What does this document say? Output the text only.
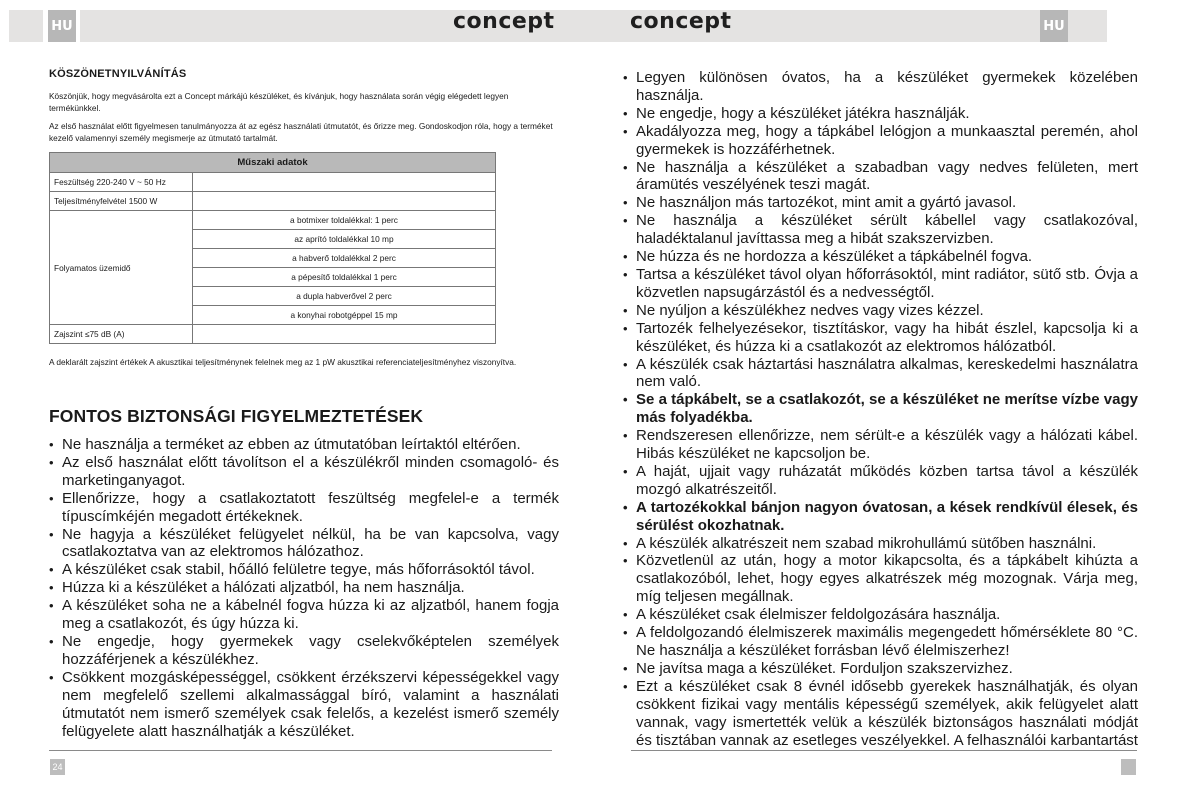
HU	concept
KÖSZÖNETNYILVÁNÍTÁS
Köszönjük, hogy megvásárolta ezt a Concept márkájú készüléket, és kívánjuk, hogy használata során végig elégedett legyen termékünkkel.
Az első használat előtt figyelmesen tanulmányozza át az egész használati útmutatót, és őrizze meg. Gondoskodjon róla, hogy a terméket kezelő valamennyi személy megismerje az útmutató tartalmát.
Műszaki adatok	
Feszültség 220-240 V ~ 50 Hz	
Teljesítményfelvétel 1500 W	
Folyamatos üzemidő	a botmixer toldalékkal: 1 perc
	az aprító toldalékkal 10 mp
	a habverő toldalékkal 2 perc
	a pépesítő toldalékkal 1 perc
	a dupla habverővel 2 perc
	a konyhai robotgéppel 15 mp
Zajszint ≤75 dB (A)	
A deklarált zajszint értékek A akusztikai teljesítménynek felelnek meg az 1 pW akusztikai referenciateljesítményhez viszonyítva.
FONTOS BIZTONSÁGI FIGYELMEZTETÉSEK
• Ne használja a terméket az ebben az útmutatóban leírtaktól eltérően.
• Az első használat előtt távolítson el a készülékről minden csomagoló- és marketinganyagot.
• Ellenőrizze, hogy a csatlakoztatott feszültség megfelel-e a termék típuscímkéjén megadott értékeknek.
• Ne hagyja a készüléket felügyelet nélkül, ha be van kapcsolva, vagy csatlakoztatva van az elektromos hálózathoz.
• A készüléket csak stabil, hőálló felületre tegye, más hőforrásoktól távol.
• Húzza ki a készüléket a hálózati aljzatból, ha nem használja.
• A készüléket soha ne a kábelnél fogva húzza ki az aljzatból, hanem fogja meg a csatlakozót, és úgy húzza ki.
• Ne engedje, hogy gyermekek vagy cselekvőképtelen személyek hozzáférjenek a készülékhez.
• Csökkent mozgásképességgel, csökkent érzékszervi képességekkel vagy nem megfelelő szellemi alkalmassággal bíró, valamint a használati útmutatót nem ismerő személyek csak felelős, a kezelést ismerő személy felügyelete alatt használhatják a készüléket.
24
concept	HU
• Legyen különösen óvatos, ha a készüléket gyermekek közelében használja.
• Ne engedje, hogy a készüléket játékra használják.
• Akadályozza meg, hogy a tápkábel lelógjon a munkaasztal peremén, ahol gyermekek is hozzáférhetnek.
• Ne használja a készüléket a szabadban vagy nedves felületen, mert áramütés veszélyének teszi magát.
• Ne használjon más tartozékot, mint amit a gyártó javasol.
• Ne használja a készüléket sérült kábellel vagy csatlakozóval, haladéktalanul javíttassa meg a hibát szakszervizben.
• Ne húzza és ne hordozza a készüléket a tápkábelnél fogva.
• Tartsa a készüléket távol olyan hőforrásoktól, mint radiátor, sütő stb. Óvja a közvetlen napsugárzástól és a nedvességtől.
• Ne nyúljon a készülékhez nedves vagy vizes kézzel.
• Tartozék felhelyezésekor, tisztításkor, vagy ha hibát észlel, kapcsolja ki a készüléket, és húzza ki a csatlakozót az elektromos hálózatból.
• A készülék csak háztartási használatra alkalmas, kereskedelmi használatra nem való.
• Se a tápkábelt, se a csatlakozót, se a készüléket ne merítse vízbe vagy más folyadékba.
• Rendszeresen ellenőrizze, nem sérült-e a készülék vagy a hálózati kábel. Hibás készüléket ne kapcsoljon be.
• A haját, ujjait vagy ruházatát működés közben tartsa távol a készülék mozgó alkatrészeitől.
• A tartozékokkal bánjon nagyon óvatosan, a kések rendkívül élesek, és sérülést okozhatnak.
• A készülék alkatrészeit nem szabad mikrohullámú sütőben használni.
• Közvetlenül az után, hogy a motor kikapcsolta, és a tápkábelt kihúzta a csatlakozóból, lehet, hogy egyes alkatrészek még mozognak. Várja meg, míg teljesen megállnak.
• A készüléket csak élelmiszer feldolgozására használja.
• A feldolgozandó élelmiszerek maximális megengedett hőmérséklete 80 °C. Ne használja a készüléket forrásban lévő élelmiszerhez!
• Ne javítsa maga a készüléket. Forduljon szakszervizhez.
• Ezt a készüléket csak 8 évnél idősebb gyerekek használhatják, és olyan csökkent fizikai vagy mentális képességű személyek, akik felügyelet alatt vannak, vagy ismertették velük a készülék biztonságos használati módját és tisztában vannak az esetleges veszélyekkel. A felhasználói karbantartást
